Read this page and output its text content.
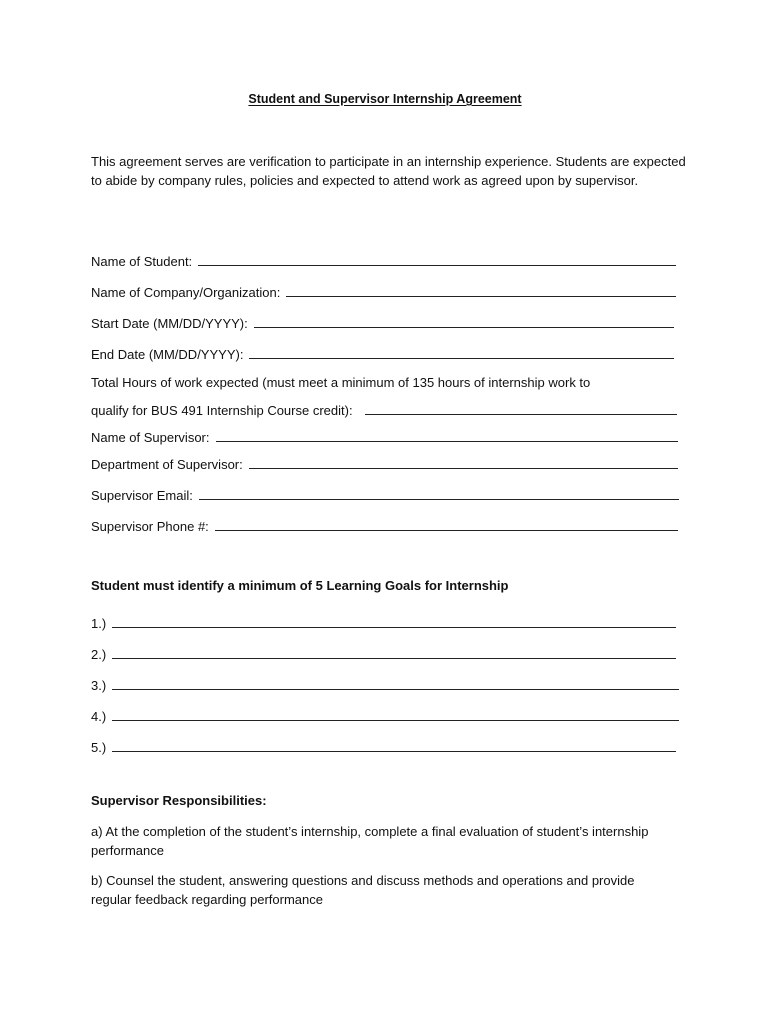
Student and Supervisor Internship Agreement

This agreement serves are verification to participate in an internship experience. Students are expected to abide by company rules, policies and expected to attend work as agreed upon by supervisor.

Name of Student:
Name of Company/Organization:
Start Date (MM/DD/YYYY):
End Date (MM/DD/YYYY):
Total Hours of work expected (must meet a minimum of 135 hours of internship work to
qualify for BUS 491 Internship Course credit):
Name of Supervisor:
Department of Supervisor:
Supervisor Email:
Supervisor Phone #:
Student must identify a minimum of 5 Learning Goals for Internship
1.)
2.)
3.)
4.)
5.)
Supervisor Responsibilities:

a) At the completion of the student’s internship, complete a final evaluation of student’s internship performance

b) Counsel the student, answering questions and discuss methods and operations and provide regular feedback regarding performance
